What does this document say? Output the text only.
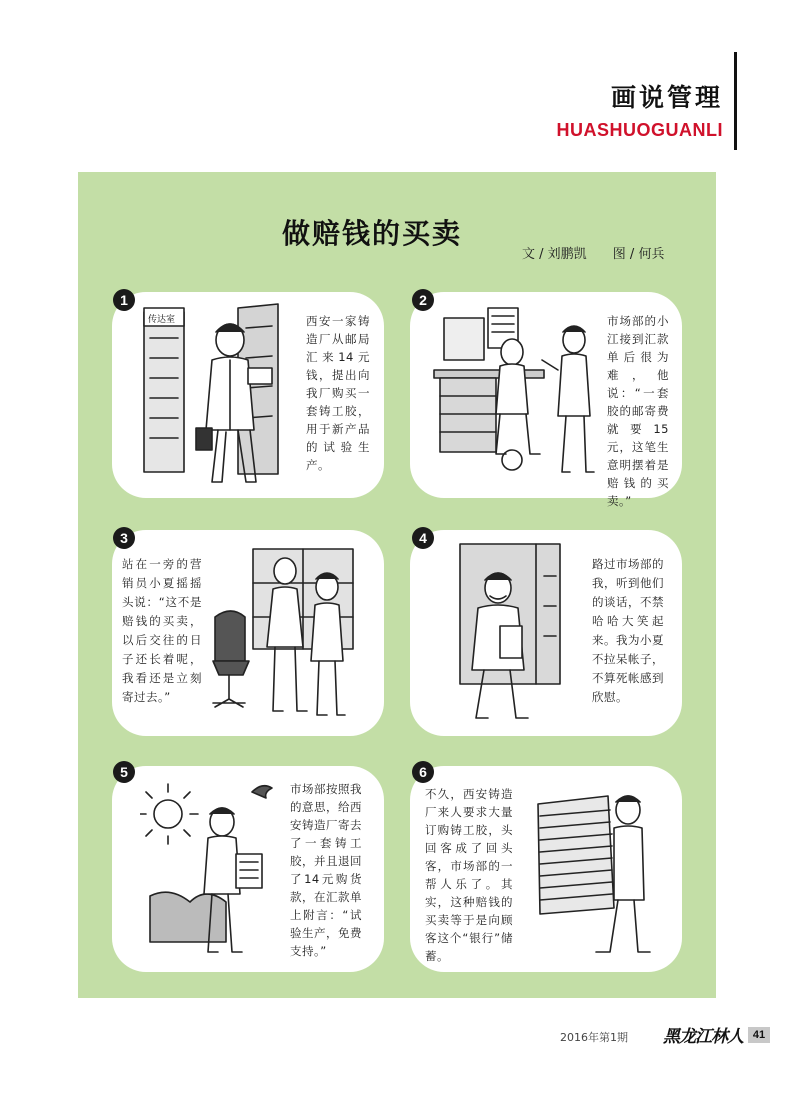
画说管理
HUASHUOGUANLI
做赔钱的买卖
文 / 刘鹏凯 图 / 何兵
1
传达室	西安一家铸造厂从邮局汇来14元钱，提出向我厂购买一套铸工胶，用于新产品的试验生产。
2
市场部的小江接到汇款单后很为难，他说：“一套胶的邮寄费就要15元，这笔生意明摆着是赔钱的买卖。”
3
站在一旁的营销员小夏摇摇头说：“这不是赔钱的买卖，以后交往的日子还长着呢，我看还是立刻寄过去。”
4
路过市场部的我，听到他们的谈话，不禁哈哈大笑起来。我为小夏不拉呆帐子，不算死帐感到欣慰。
5
市场部按照我的意思，给西安铸造厂寄去了一套铸工胶，并且退回了14元购货款，在汇款单上附言：“试验生产，免费支持。”
6
不久，西安铸造厂来人要求大量订购铸工胶，头回客成了回头客，市场部的一帮人乐了。其实，这种赔钱的买卖等于是向顾客这个“银行”储蓄。
2016年第1期 黑龙江林人 41
